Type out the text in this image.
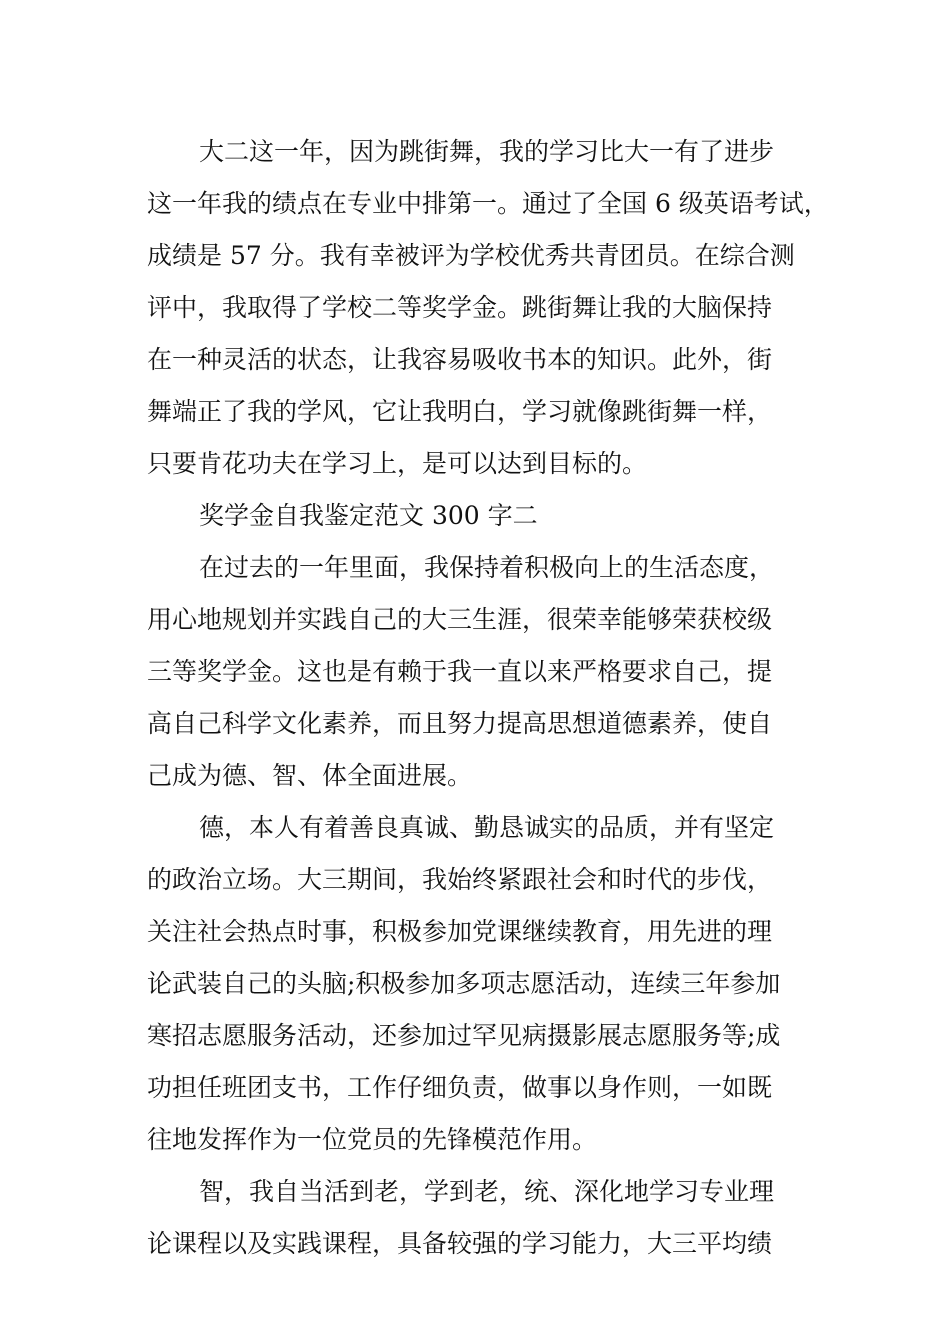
大二这一年，因为跳街舞，我的学习比大一有了进步
这一年我的绩点在专业中排第一。通过了全国 6 级英语考试，
成绩是 57 分。我有幸被评为学校优秀共青团员。在综合测
评中，我取得了学校二等奖学金。跳街舞让我的大脑保持
在一种灵活的状态，让我容易吸收书本的知识。此外，街
舞端正了我的学风，它让我明白，学习就像跳街舞一样，
只要肯花功夫在学习上，是可以达到目标的。
奖学金自我鉴定范文 300 字二
在过去的一年里面，我保持着积极向上的生活态度，
用心地规划并实践自己的大三生涯，很荣幸能够荣获校级
三等奖学金。这也是有赖于我一直以来严格要求自己，提
高自己科学文化素养，而且努力提高思想道德素养，使自
己成为德、智、体全面进展。
德，本人有着善良真诚、勤恳诚实的品质，并有坚定
的政治立场。大三期间，我始终紧跟社会和时代的步伐，
关注社会热点时事，积极参加党课继续教育，用先进的理
论武装自己的头脑;积极参加多项志愿活动，连续三年参加
寒招志愿服务活动，还参加过罕见病摄影展志愿服务等;成
功担任班团支书，工作仔细负责，做事以身作则，一如既
往地发挥作为一位党员的先锋模范作用。
智，我自当活到老，学到老，统、深化地学习专业理
论课程以及实践课程，具备较强的学习能力，大三平均绩
